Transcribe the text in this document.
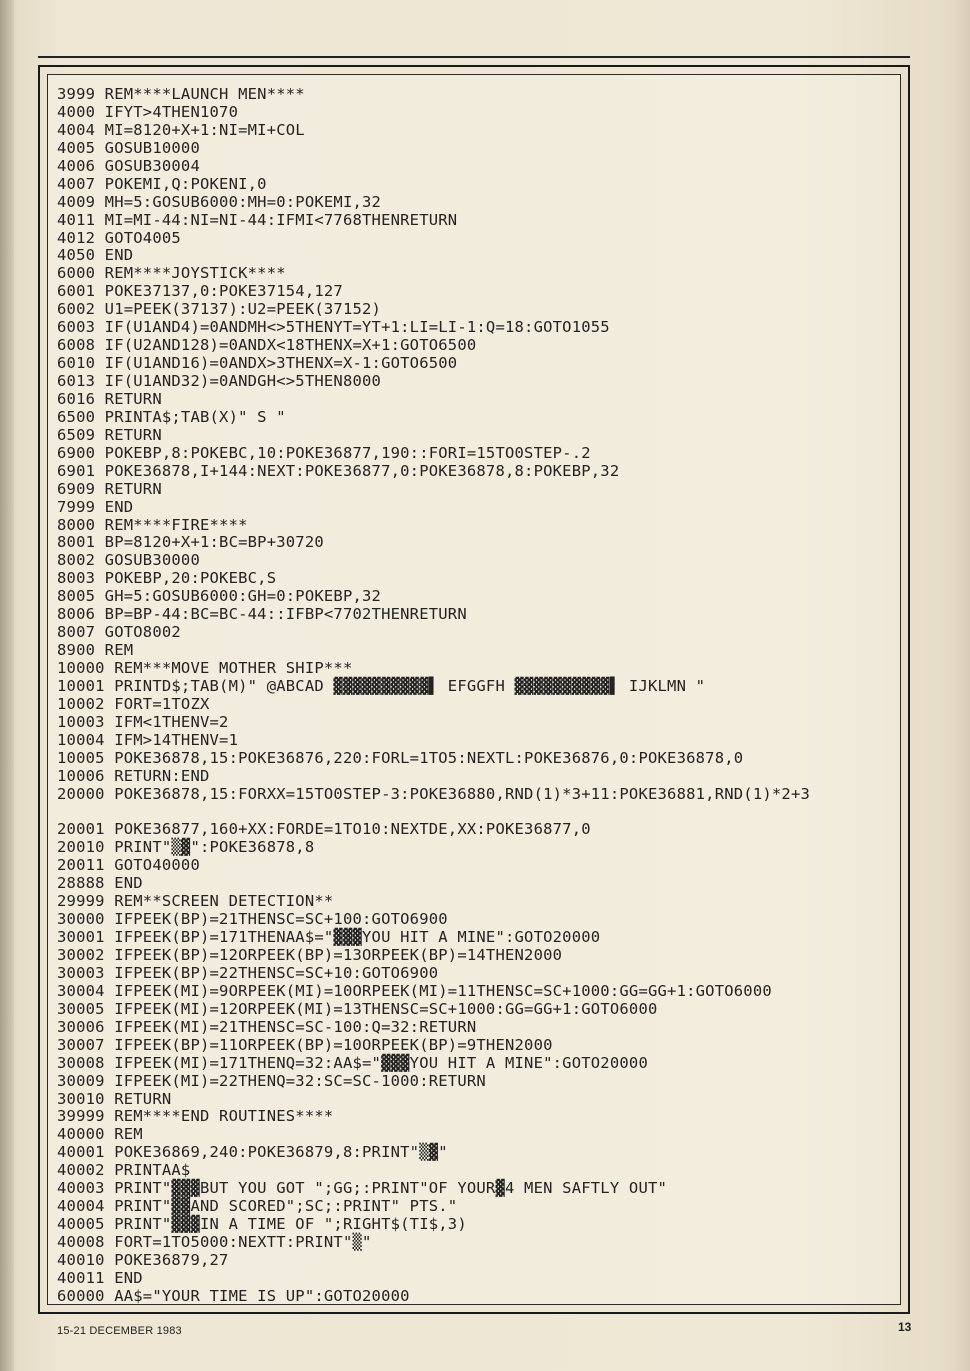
3999 REM****LAUNCH MEN****
4000 IFYT>4THEN1070
4004 MI=8120+X+1:NI=MI+COL
4005 GOSUB10000
4006 GOSUB30004
4007 POKEMI,Q:POKENI,0
4009 MH=5:GOSUB6000:MH=0:POKEMI,32
4011 MI=MI-44:NI=NI-44:IFMI<7768THENRETURN
4012 GOTO4005
4050 END
6000 REM****JOYSTICK****
6001 POKE37137,0:POKE37154,127
6002 U1=PEEK(37137):U2=PEEK(37152)
6003 IF(U1AND4)=0ANDMH<>5THENYT=YT+1:LI=LI-1:Q=18:GOTO1055
6008 IF(U2AND128)=0ANDX<18THENX=X+1:GOTO6500
6010 IF(U1AND16)=0ANDX>3THENX=X-1:GOTO6500
6013 IF(U1AND32)=0ANDGH<>5THEN8000
6016 RETURN
6500 PRINTA$;TAB(X)" S "
6509 RETURN
6900 POKEBP,8:POKEBC,10:POKE36877,190::FORI=15TO0STEP-.2
6901 POKE36878,I+144:NEXT:POKE36877,0:POKE36878,8:POKEBP,32
6909 RETURN
7999 END
8000 REM****FIRE****
8001 BP=8120+X+1:BC=BP+30720
8002 GOSUB30000
8003 POKEBP,20:POKEBC,S
8005 GH=5:GOSUB6000:GH=0:POKEBP,32
8006 BP=BP-44:BC=BC-44::IFBP<7702THENRETURN
8007 GOTO8002
8900 REM
10000 REM***MOVE MOTHER SHIP***
10001 PRINTD$;TAB(M)" @ABCAD ▓▓▓▓▓▓▓▓▓▓▌ EFGGFH ▓▓▓▓▓▓▓▓▓▓▌ IJKLMN "
10002 FORT=1TOZX
10003 IFM<1THENV=2
10004 IFM>14THENV=1
10005 POKE36878,15:POKE36876,220:FORL=1TO5:NEXTL:POKE36876,0:POKE36878,0
10006 RETURN:END
20000 POKE36878,15:FORXX=15TO0STEP-3:POKE36880,RND(1)*3+11:POKE36881,RND(1)*2+3
20001 POKE36877,160+XX:FORDE=1TO10:NEXTDE,XX:POKE36877,0
20010 PRINT"▒▓":POKE36878,8
20011 GOTO40000
28888 END
29999 REM**SCREEN DETECTION**
30000 IFPEEK(BP)=21THENSC=SC+100:GOTO6900
30001 IFPEEK(BP)=171THENAA$="▓▓▓YOU HIT A MINE":GOTO20000
30002 IFPEEK(BP)=12ORPEEK(BP)=13ORPEEK(BP)=14THEN2000
30003 IFPEEK(BP)=22THENSC=SC+10:GOTO6900
30004 IFPEEK(MI)=9ORPEEK(MI)=10ORPEEK(MI)=11THENSC=SC+1000:GG=GG+1:GOTO6000
30005 IFPEEK(MI)=12ORPEEK(MI)=13THENSC=SC+1000:GG=GG+1:GOTO6000
30006 IFPEEK(MI)=21THENSC=SC-100:Q=32:RETURN
30007 IFPEEK(BP)=11ORPEEK(BP)=10ORPEEK(BP)=9THEN2000
30008 IFPEEK(MI)=171THENQ=32:AA$="▓▓▓YOU HIT A MINE":GOTO20000
30009 IFPEEK(MI)=22THENQ=32:SC=SC-1000:RETURN
30010 RETURN
39999 REM****END ROUTINES****
40000 REM
40001 POKE36869,240:POKE36879,8:PRINT"▒▓"
40002 PRINTAA$
40003 PRINT"▓▓▓BUT YOU GOT ";GG;:PRINT"OF YOUR▓4 MEN SAFTLY OUT"
40004 PRINT"▓▓AND SCORED";SC;:PRINT" PTS."
40005 PRINT"▓▓▓IN A TIME OF ";RIGHT$(TI$,3)
40008 FORT=1TO5000:NEXTT:PRINT"▒"
40010 POKE36879,27
40011 END
60000 AA$="YOUR TIME IS UP":GOTO20000
15-21 DECEMBER 1983	13
